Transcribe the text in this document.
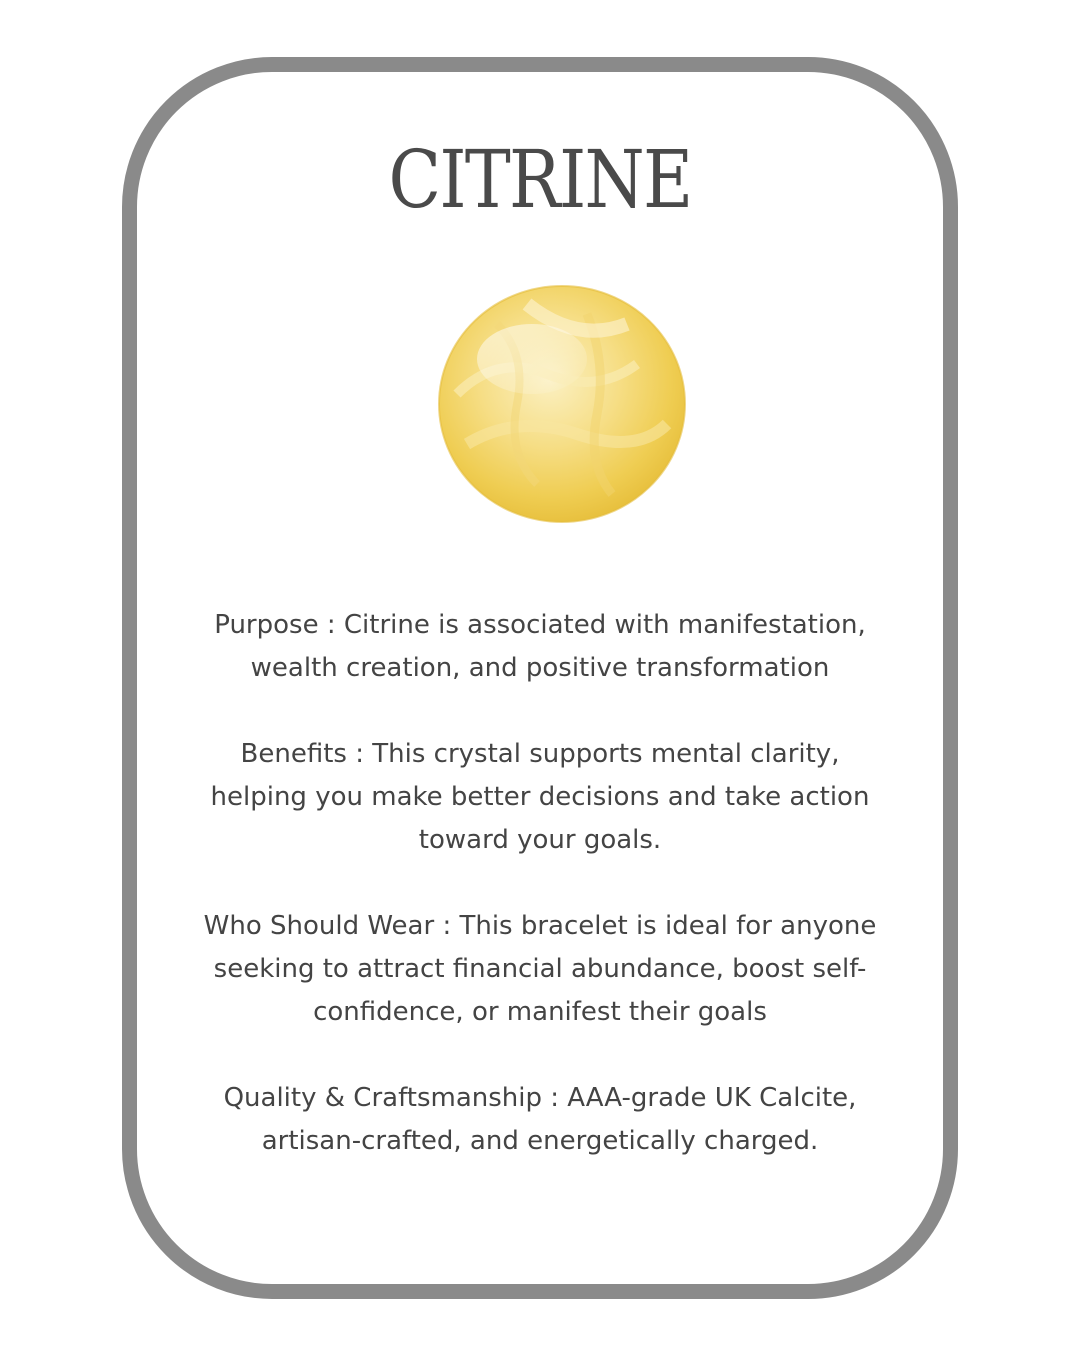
CITRINE

Purpose : Citrine is associated with manifestation, wealth creation, and positive transformation

Benefits : This crystal supports mental clarity, helping you make better decisions and take action toward your goals.

Who Should Wear : This bracelet is ideal for anyone seeking to attract financial abundance, boost self-confidence, or manifest their goals

Quality & Craftsmanship : AAA-grade UK Calcite, artisan-crafted, and energetically charged.
